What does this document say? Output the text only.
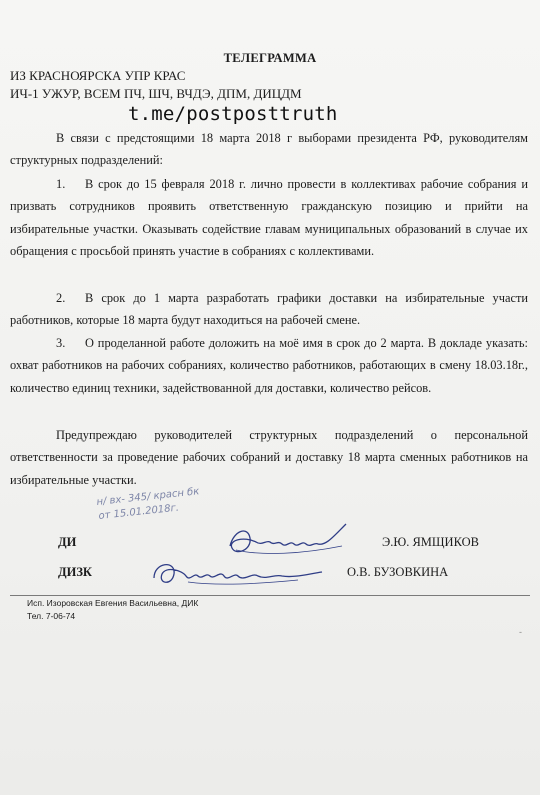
ТЕЛЕГРАММА
ИЗ КРАСНОЯРСКА УПР КРАС
ИЧ-1 УЖУР, ВСЕМ ПЧ, ШЧ, ВЧДЭ, ДПМ, ДИЦДМ
t.me/postposttruth
В связи с предстоящими 18 марта 2018 г выборами президента РФ, руководителям структурных подразделений:
1. В срок до 15 февраля 2018 г. лично провести в коллективах рабочие собрания и призвать сотрудников проявить ответственную гражданскую позицию и прийти на избирательные участки. Оказывать содействие главам муниципальных образований в случае их обращения с просьбой принять участие в собраниях с коллективами.
2. В срок до 1 марта разработать графики доставки на избирательные участи работников, которые 18 марта будут находиться на рабочей смене.
3. О проделанной работе доложить на моё имя в срок до 2 марта. В докладе указать: охват работников на рабочих собраниях, количество работников, работающих в смену 18.03.18г., количество единиц техники, задействованной для доставки, количество рейсов.
Предупреждаю руководителей структурных подразделений о персональной ответственности за проведение рабочих собраний и доставку 18 марта сменных работников на избирательные участки.
н/ вх- 345/ красн бк
от 15.01.2018г.
ДИ	Э.Ю. ЯМЩИКОВ
ДИЗК	О.В. БУЗОВКИНА
Исп. Изоровская Евгения Васильевна, ДИК
Тел. 7-06-74
-
